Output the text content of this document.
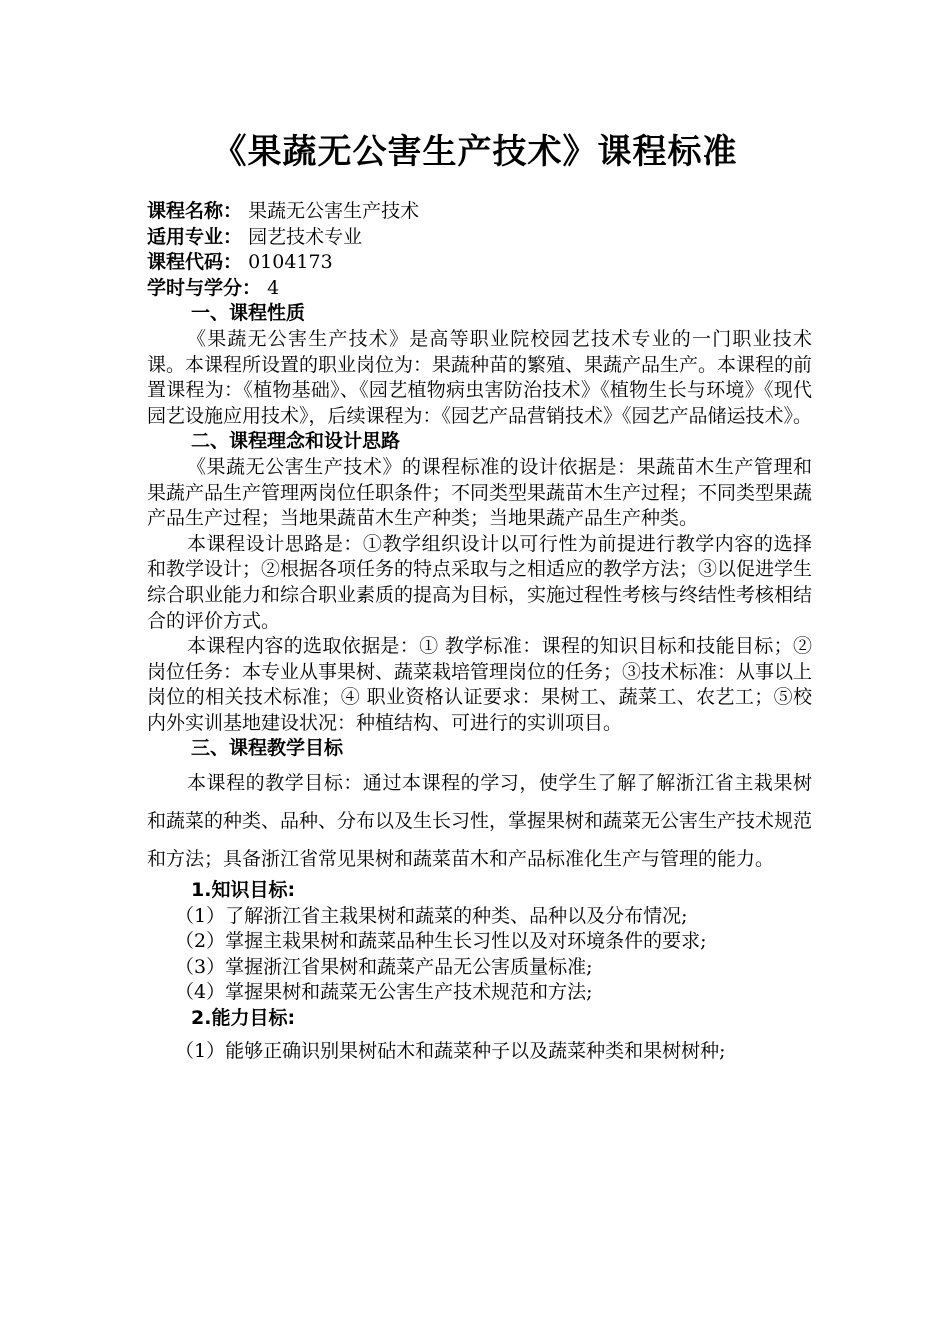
《果蔬无公害生产技术》课程标准
课程名称： 果蔬无公害生产技术
适用专业： 园艺技术专业
课程代码： 0104173
学时与学分： 4
一、课程性质
《果蔬无公害生产技术》是高等职业院校园艺技术专业的一门职业技术课。本课程所设置的职业岗位为：果蔬种苗的繁殖、果蔬产品生产。本课程的前置课程为：《植物基础》、《园艺植物病虫害防治技术》《植物生长与环境》《现代园艺设施应用技术》，后续课程为：《园艺产品营销技术》《园艺产品储运技术》。
二、课程理念和设计思路
《果蔬无公害生产技术》的课程标准的设计依据是：果蔬苗木生产管理和果蔬产品生产管理两岗位任职条件；不同类型果蔬苗木生产过程；不同类型果蔬产品生产过程；当地果蔬苗木生产种类；当地果蔬产品生产种类。
本课程设计思路是：①教学组织设计以可行性为前提进行教学内容的选择和教学设计；②根据各项任务的特点采取与之相适应的教学方法；③以促进学生综合职业能力和综合职业素质的提高为目标，实施过程性考核与终结性考核相结合的评价方式。
本课程内容的选取依据是：① 教学标准：课程的知识目标和技能目标；② 岗位任务：本专业从事果树、蔬菜栽培管理岗位的任务；③技术标准：从事以上岗位的相关技术标准；④ 职业资格认证要求：果树工、蔬菜工、农艺工；⑤校内外实训基地建设状况：种植结构、可进行的实训项目。
三、课程教学目标
本课程的教学目标：通过本课程的学习，使学生了解了解浙江省主栽果树和蔬菜的种类、品种、分布以及生长习性，掌握果树和蔬菜无公害生产技术规范和方法；具备浙江省常见果树和蔬菜苗木和产品标准化生产与管理的能力。
1.知识目标:
（1）了解浙江省主栽果树和蔬菜的种类、品种以及分布情况;
（2）掌握主栽果树和蔬菜品种生长习性以及对环境条件的要求;
（3）掌握浙江省果树和蔬菜产品无公害质量标准;
（4）掌握果树和蔬菜无公害生产技术规范和方法;
2.能力目标:
（1）能够正确识别果树砧木和蔬菜种子以及蔬菜种类和果树树种;
